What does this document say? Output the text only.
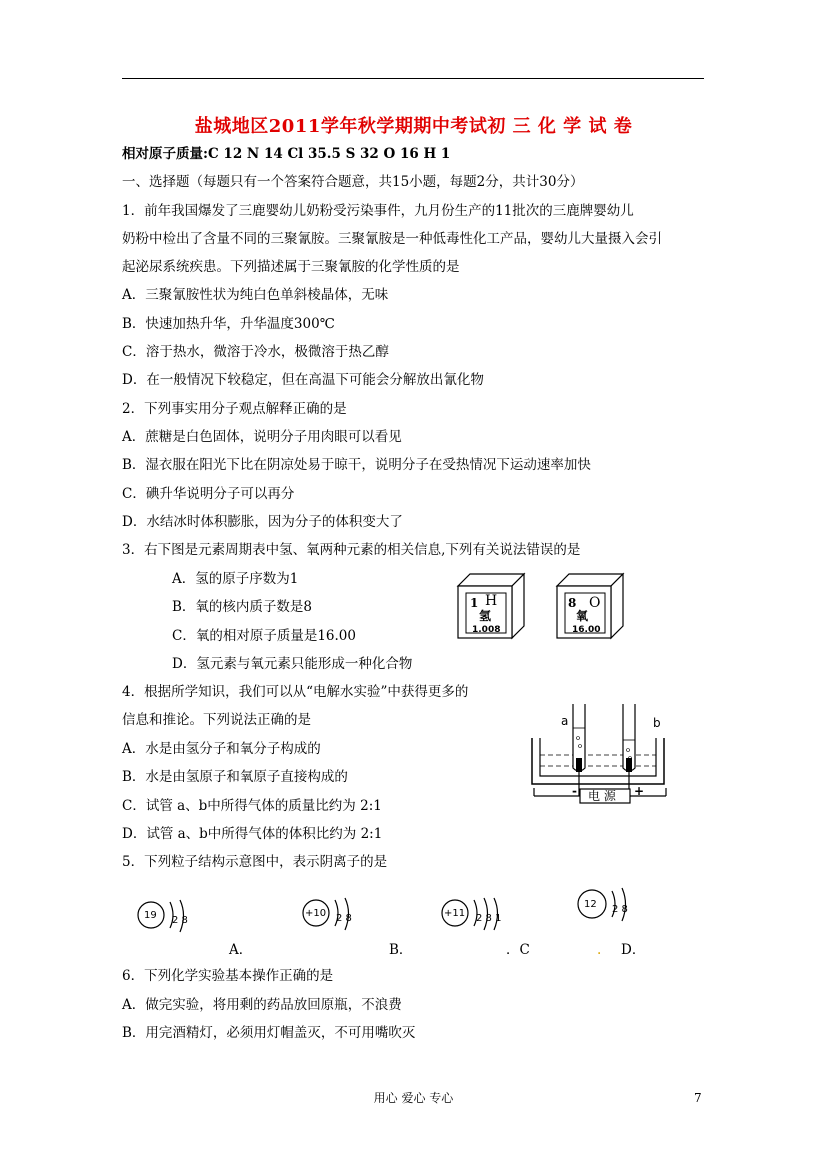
盐城地区2011学年秋学期期中考试初 三 化 学 试 卷
相对原子质量:C 12 N 14 Cl 35.5 S 32 O 16 H 1
一、选择题（每题只有一个答案符合题意，共15小题，每题2分，共计30分）
1．前年我国爆发了三鹿婴幼儿奶粉受污染事件，九月份生产的11批次的三鹿牌婴幼儿
奶粉中检出了含量不同的三聚氰胺。三聚氰胺是一种低毒性化工产品，婴幼儿大量摄入会引
起泌尿系统疾患。下列描述属于三聚氰胺的化学性质的是
A．三聚氰胺性状为纯白色单斜棱晶体，无味
B．快速加热升华，升华温度300℃
C．溶于热水，微溶于冷水，极微溶于热乙醇
D．在一般情况下较稳定，但在高温下可能会分解放出氰化物
2．下列事实用分子观点解释正确的是
A．蔗糖是白色固体，说明分子用肉眼可以看见
B．湿衣服在阳光下比在阴凉处易于晾干，说明分子在受热情况下运动速率加快
C．碘升华说明分子可以再分
D．水结冰时体积膨胀，因为分子的体积变大了
3．右下图是元素周期表中氢、氧两种元素的相关信息,下列有关说法错误的是
A．氢的原子序数为1
B．氧的核内质子数是8
C．氧的相对原子质量是16.00
D．氢元素与氧元素只能形成一种化合物
1 H
氢
1.008
8 O
氧
16.00
4．根据所学知识，我们可以从“电解水实验”中获得更多的
信息和推论。下列说法正确的是
A．水是由氢分子和氧分子构成的
B．水是由氢原子和氧原子直接构成的
C．试管 a、b中所得气体的质量比约为 2:1
D．试管 a、b中所得气体的体积比约为 2:1
a	b
电 源
-	+
5．下列粒子结构示意图中，表示阴离子的是
19 2 8
+10 2 8	+11 2 8 1
12 2 8
A．	B．	．C	. D．
6．下列化学实验基本操作正确的是
A．做完实验，将用剩的药品放回原瓶，不浪费
B．用完酒精灯，必须用灯帽盖灭，不可用嘴吹灭
用心 爱心 专心	7
